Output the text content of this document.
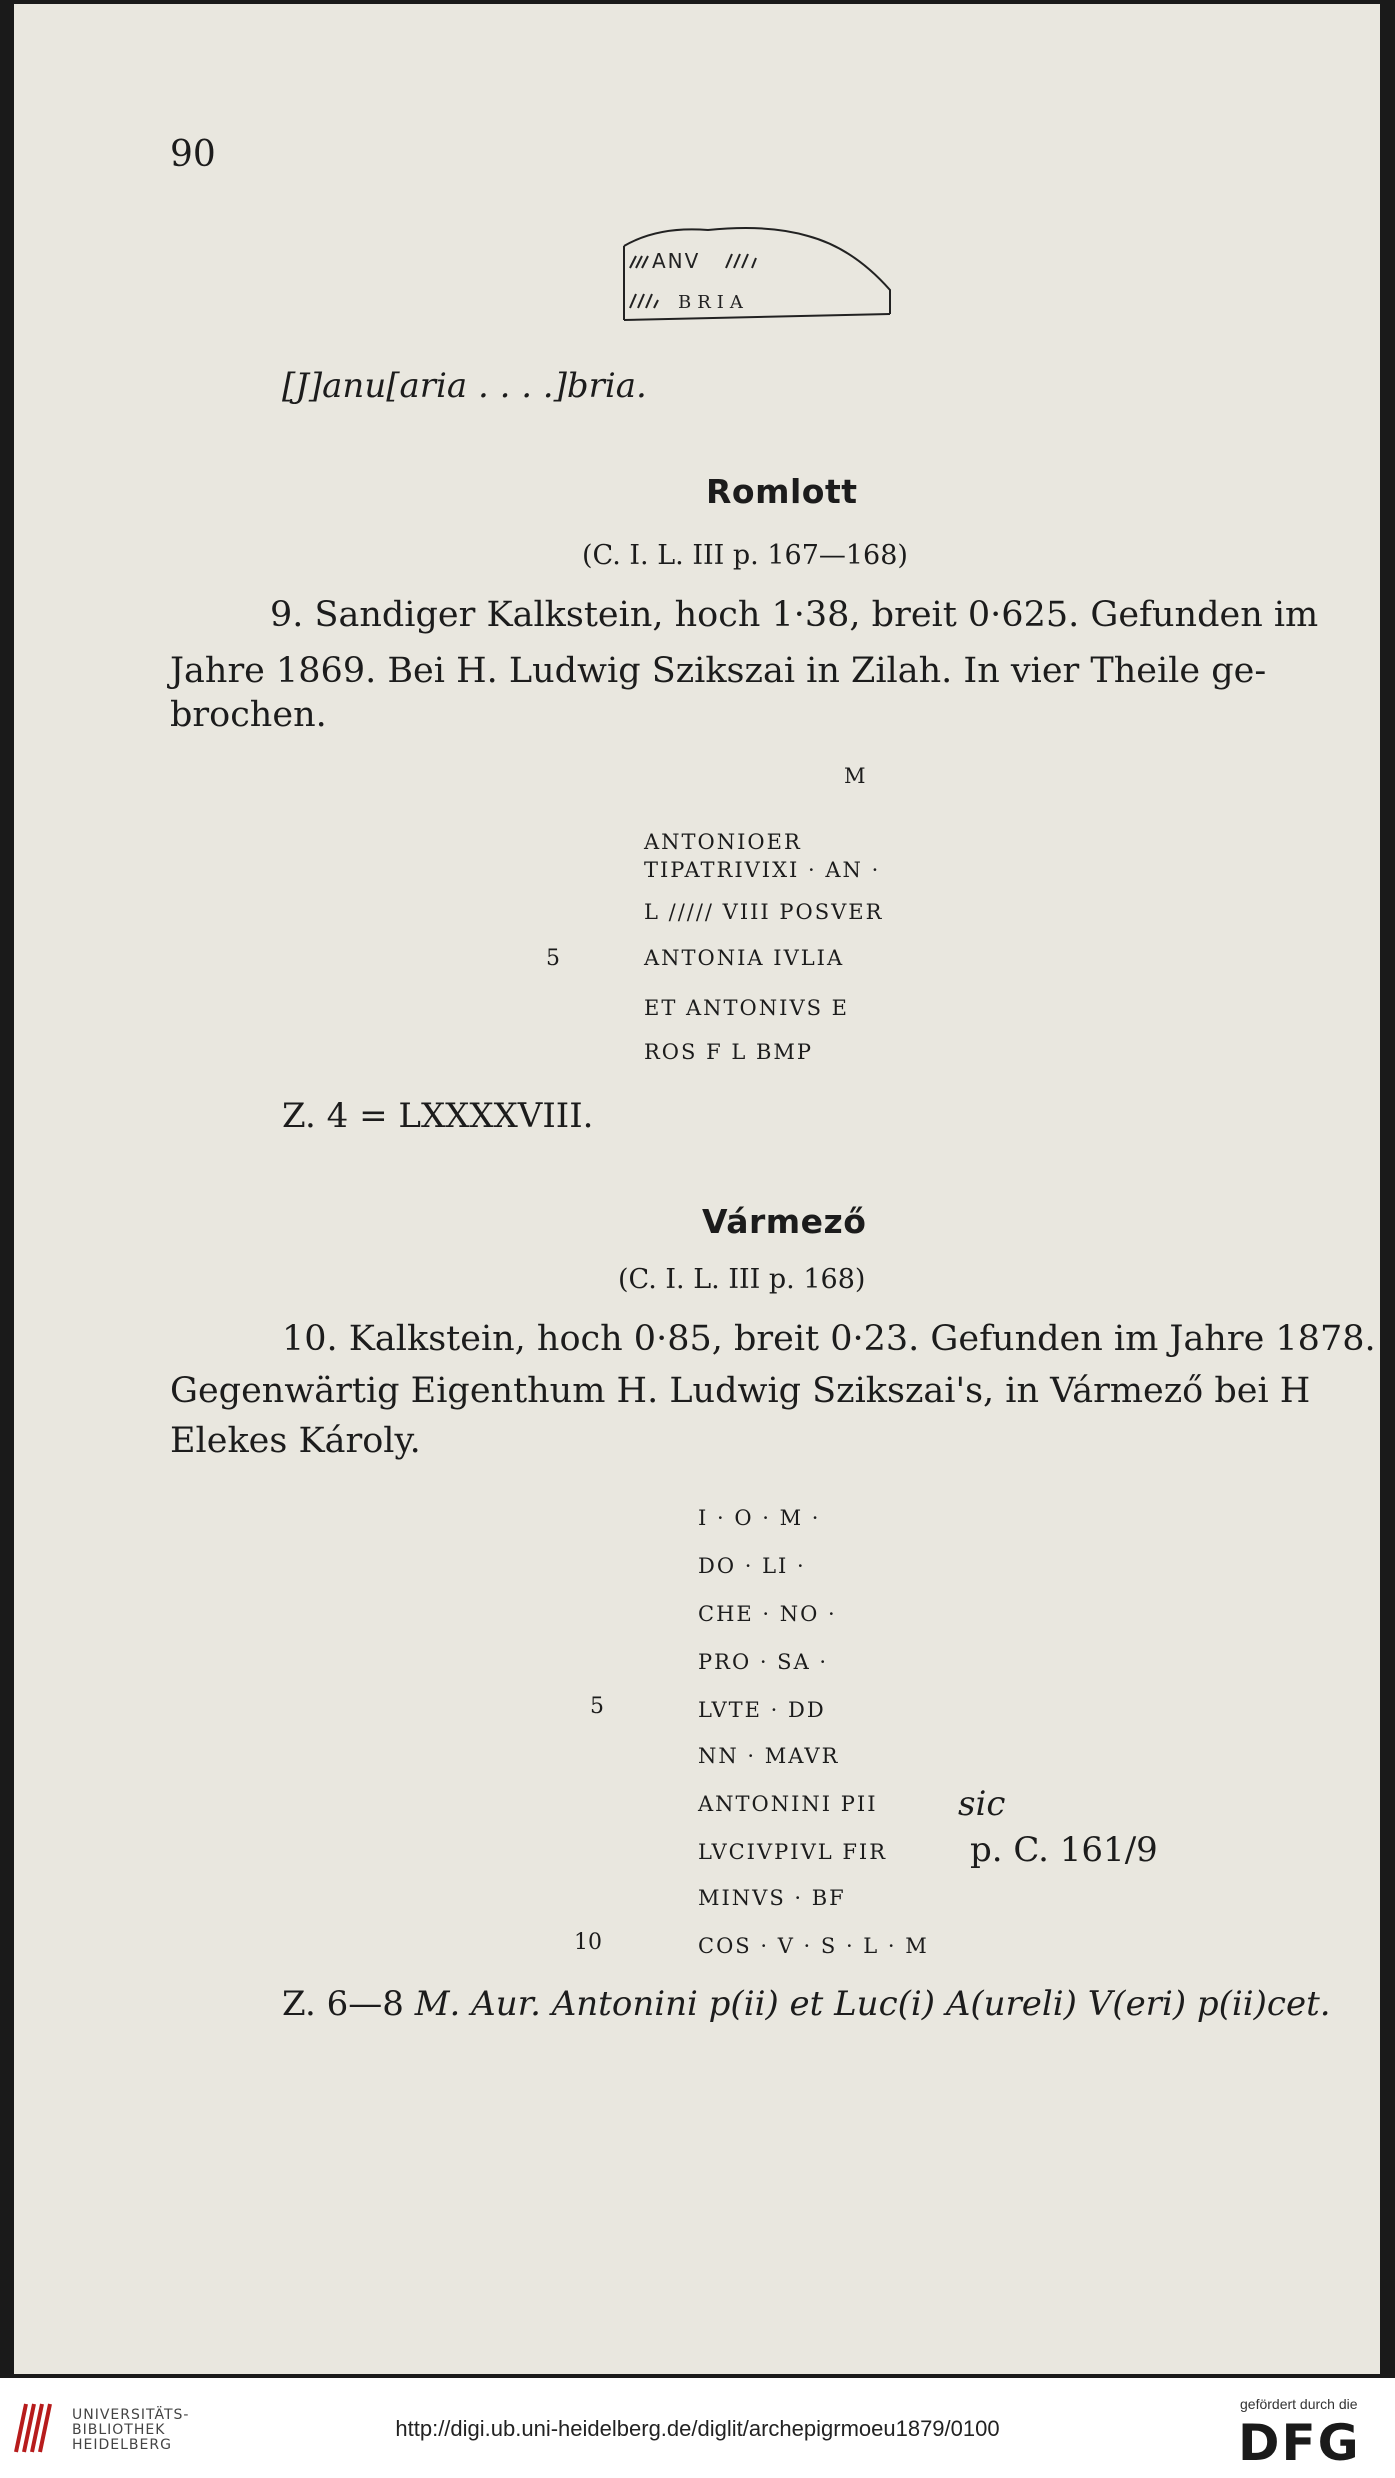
90
ANV
BRIA
[J]anu[aria . . . .]bria.
Romlott
(C. I. L. III p. 167—168)
9. Sandiger Kalkstein, hoch 1·38, breit 0·625. Gefunden im
Jahre 1869. Bei H. Ludwig Szikszai in Zilah. In vier Theile ge-
brochen.
M
ANTONIOER
TIPATRIVIXI · AN ·
L ///// VIII POSVER
5	ANTONIA IVLIA
ET ANTONIVS E
ROS F L BMP
Z. 4 = LXXXXVIII.
Vármező
(C. I. L. III p. 168)
10. Kalkstein, hoch 0·85, breit 0·23. Gefunden im Jahre 1878.
Gegenwärtig Eigenthum H. Ludwig Szikszai's, in Vármező bei H
Elekes Károly.
I · O · M ·
DO · LI ·
CHE · NO ·
PRO · SA ·
5	LVTE · DD
NN · MAVR
ANTONINI PII sic
LVCIVPIVL FIR p. C. 161/9
MINVS · BF
10	COS · V · S · L · M
Z. 6—8 M. Aur. Antonini p(ii) et Luc(i) A(ureli) V(eri) p(ii)cet.
UNIVERSITÄTS-
BIBLIOTHEK
HEIDELBERG
http://digi.ub.uni-heidelberg.de/diglit/archepigrmoeu1879/0100
gefördert durch die
DFG
